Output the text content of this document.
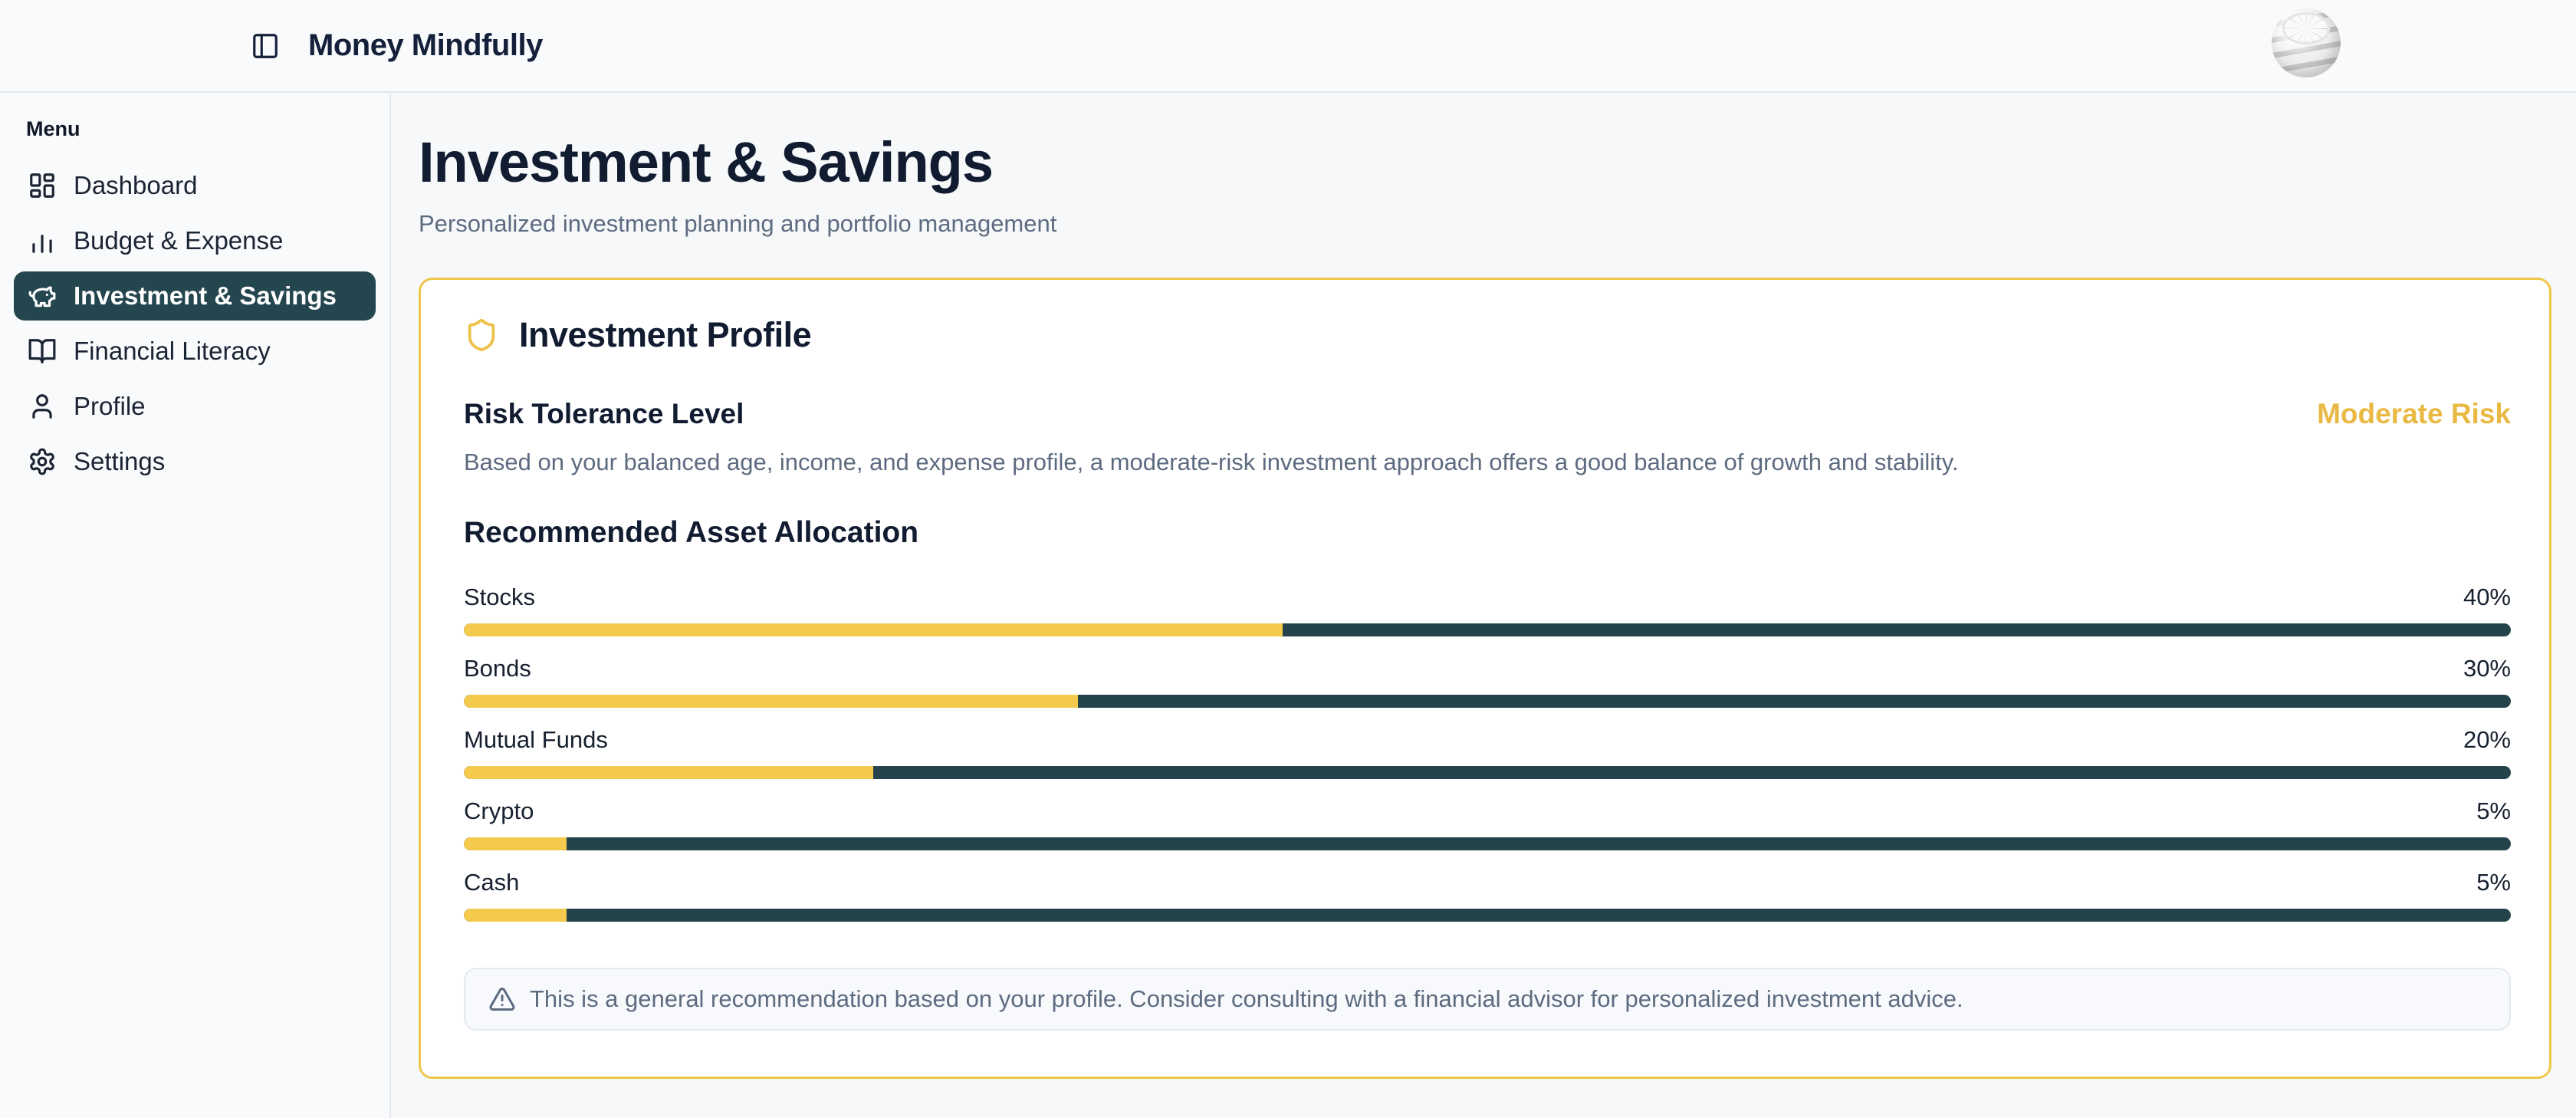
Money Mindfully
Menu
Dashboard
Budget & Expense
Investment & Savings
Financial Literacy
Profile
Settings
Investment & Savings
Personalized investment planning and portfolio management
Investment Profile
Risk Tolerance Level	Moderate Risk
Based on your balanced age, income, and expense profile, a moderate-risk investment approach offers a good balance of growth and stability.
Recommended Asset Allocation
Stocks	40%
Bonds	30%
Mutual Funds	20%
Crypto	5%
Cash	5%
This is a general recommendation based on your profile. Consider consulting with a financial advisor for personalized investment advice.
